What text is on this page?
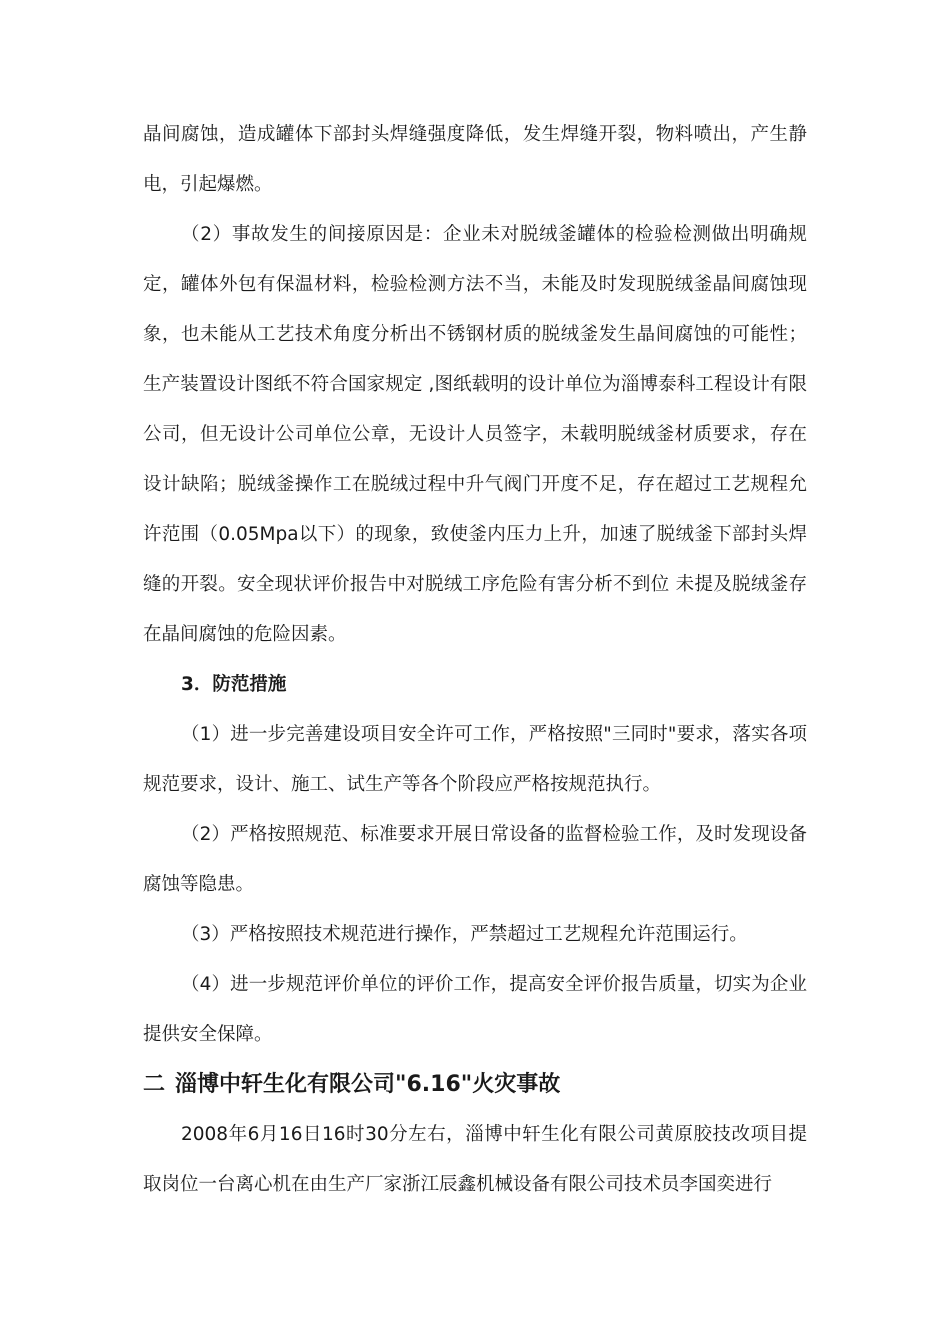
晶间腐蚀，造成罐体下部封头焊缝强度降低，发生焊缝开裂，物料喷出，产生静电，引起爆燃。

（2）事故发生的间接原因是：企业未对脱绒釜罐体的检验检测做出明确规定，罐体外包有保温材料，检验检测方法不当，未能及时发现脱绒釜晶间腐蚀现象，也未能从工艺技术角度分析出不锈钢材质的脱绒釜发生晶间腐蚀的可能性；生产装置设计图纸不符合国家规定 ,图纸载明的设计单位为淄博泰科工程设计有限公司，但无设计公司单位公章，无设计人员签字，未载明脱绒釜材质要求，存在设计缺陷；脱绒釜操作工在脱绒过程中升气阀门开度不足，存在超过工艺规程允许范围（0.05Mpa以下）的现象，致使釜内压力上升，加速了脱绒釜下部封头焊缝的开裂。安全现状评价报告中对脱绒工序危险有害分析不到位 未提及脱绒釜存在晶间腐蚀的危险因素。

3．防范措施

（1）进一步完善建设项目安全许可工作，严格按照"三同时"要求，落实各项规范要求，设计、施工、试生产等各个阶段应严格按规范执行。

（2）严格按照规范、标准要求开展日常设备的监督检验工作，及时发现设备腐蚀等隐患。

（3）严格按照技术规范进行操作，严禁超过工艺规程允许范围运行。

（4）进一步规范评价单位的评价工作，提高安全评价报告质量，切实为企业提供安全保障。

二 淄博中轩生化有限公司"6.16"火灾事故

2008年6月16日16时30分左右，淄博中轩生化有限公司黄原胶技改项目提取岗位一台离心机在由生产厂家浙江辰鑫机械设备有限公司技术员李国奕进行
